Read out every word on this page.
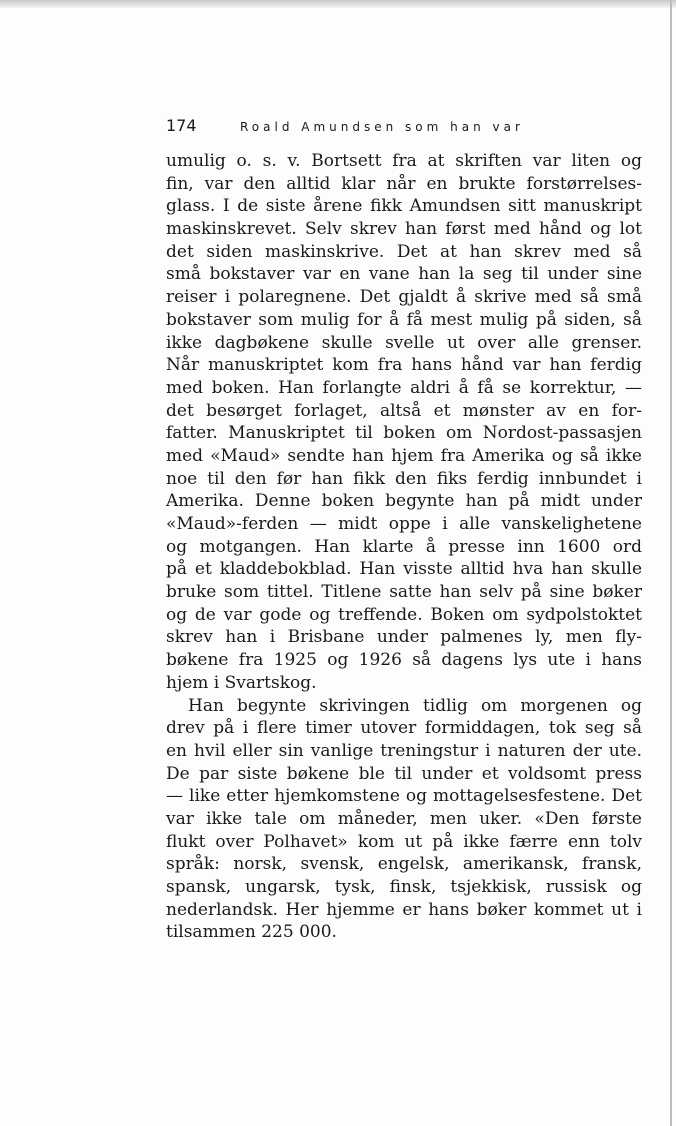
174	Roald Amundsen som han var
umulig o. s. v. Bortsett fra at skriften var liten og
fin, var den alltid klar når en brukte forstørrelses-
glass. I de siste årene fikk Amundsen sitt manuskript
maskinskrevet. Selv skrev han først med hånd og lot
det siden maskinskrive. Det at han skrev med så
små bokstaver var en vane han la seg til under sine
reiser i polaregnene. Det gjaldt å skrive med så små
bokstaver som mulig for å få mest mulig på siden, så
ikke dagbøkene skulle svelle ut over alle grenser.
Når manuskriptet kom fra hans hånd var han ferdig
med boken. Han forlangte aldri å få se korrektur, —
det besørget forlaget, altså et mønster av en for-
fatter. Manuskriptet til boken om Nordost-passasjen
med «Maud» sendte han hjem fra Amerika og så ikke
noe til den før han fikk den fiks ferdig innbundet i
Amerika. Denne boken begynte han på midt under
«Maud»-ferden — midt oppe i alle vanskelighetene
og motgangen. Han klarte å presse inn 1600 ord
på et kladdebokblad. Han visste alltid hva han skulle
bruke som tittel. Titlene satte han selv på sine bøker
og de var gode og treffende. Boken om sydpolstoktet
skrev han i Brisbane under palmenes ly, men fly-
bøkene fra 1925 og 1926 så dagens lys ute i hans
hjem i Svartskog.
Han begynte skrivingen tidlig om morgenen og
drev på i flere timer utover formiddagen, tok seg så
en hvil eller sin vanlige treningstur i naturen der ute.
De par siste bøkene ble til under et voldsomt press
— like etter hjemkomstene og mottagelsesfestene. Det
var ikke tale om måneder, men uker. «Den første
flukt over Polhavet» kom ut på ikke færre enn tolv
språk: norsk, svensk, engelsk, amerikansk, fransk,
spansk, ungarsk, tysk, finsk, tsjekkisk, russisk og
nederlandsk. Her hjemme er hans bøker kommet ut i
tilsammen 225 000.
